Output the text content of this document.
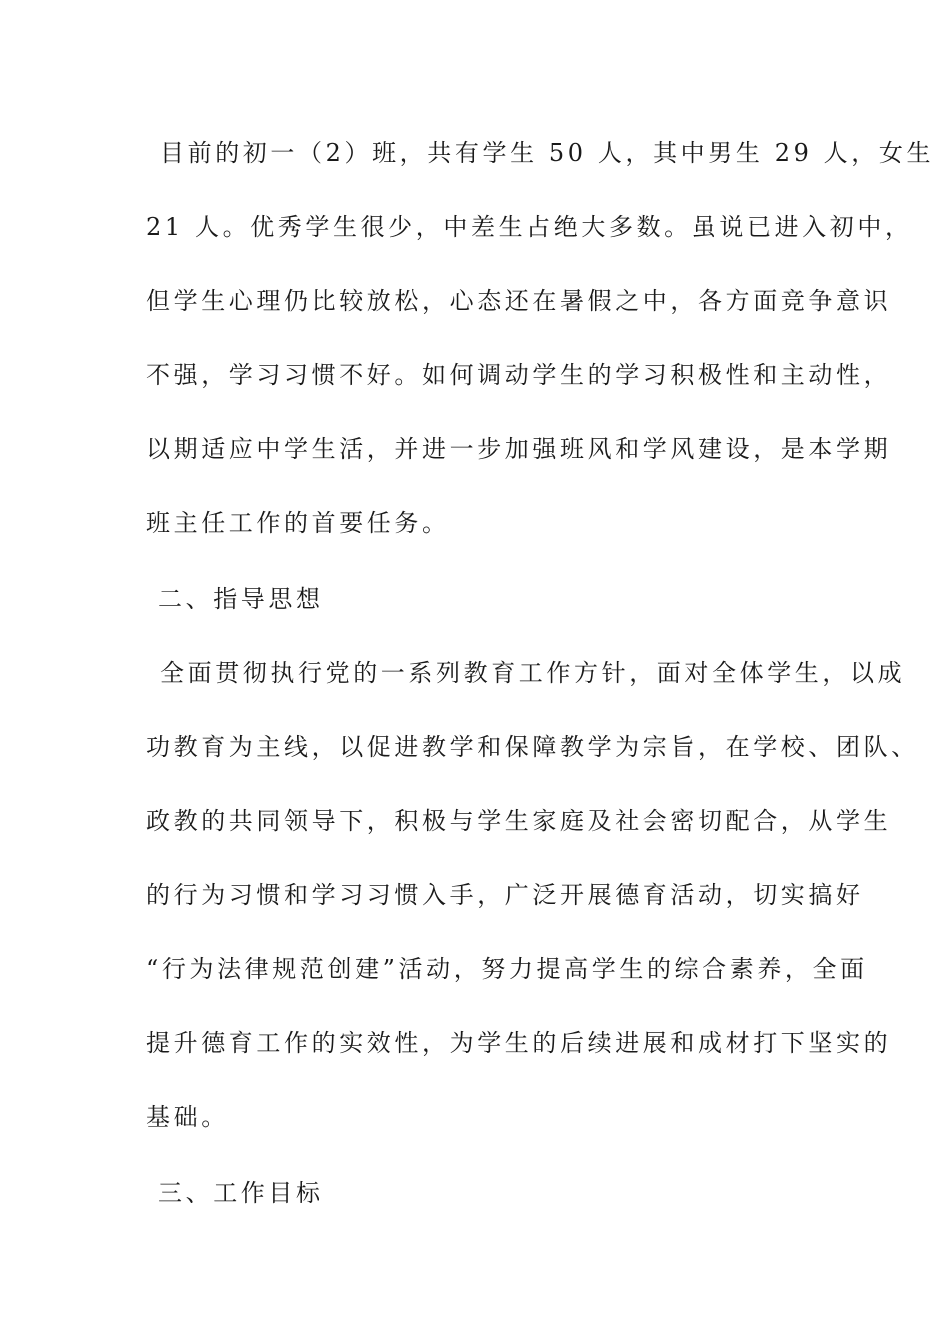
目前的初一（2）班，共有学生 50 人，其中男生 29 人，女生
21 人。优秀学生很少，中差生占绝大多数。虽说已进入初中，
但学生心理仍比较放松，心态还在暑假之中，各方面竞争意识
不强，学习习惯不好。如何调动学生的学习积极性和主动性，
以期适应中学生活，并进一步加强班风和学风建设，是本学期
班主任工作的首要任务。
二、指导思想
全面贯彻执行党的一系列教育工作方针，面对全体学生，以成
功教育为主线，以促进教学和保障教学为宗旨，在学校、团队、
政教的共同领导下，积极与学生家庭及社会密切配合，从学生
的行为习惯和学习习惯入手，广泛开展德育活动，切实搞好
“行为法律规范创建”活动，努力提高学生的综合素养，全面
提升德育工作的实效性，为学生的后续进展和成材打下坚实的
基础。
三、工作目标
